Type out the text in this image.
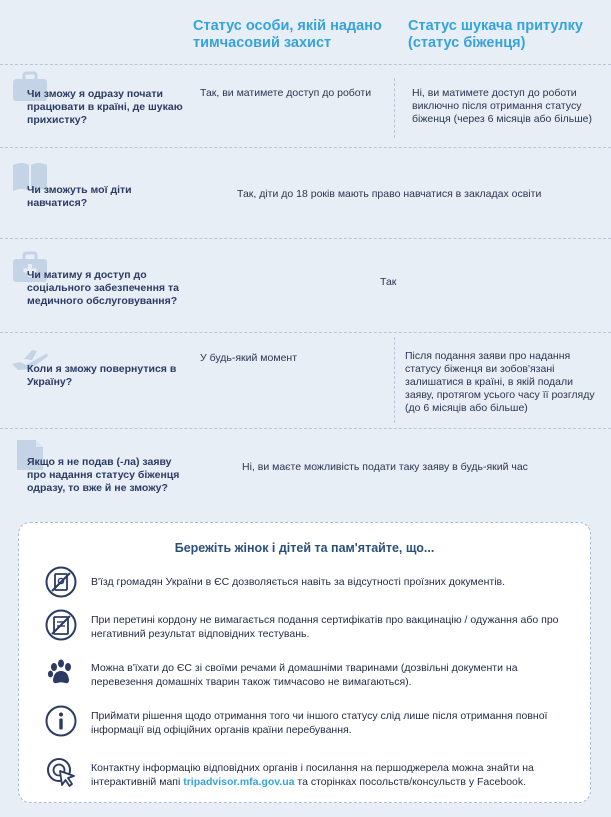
Статус особи, якій надано тимчасовий захист
Статус шукача притулку (статус біженця)
Чи зможу я одразу почати працювати в країні, де шукаю прихистку?
Так, ви матимете доступ до роботи	Ні, ви матимете доступ до роботи виключно після отримання статусу біженця (через 6 місяців або більше)
Чи зможуть мої діти навчатися?
Так, діти до 18 років мають право навчатися в закладах освіти
Чи матиму я доступ до соціального забезпечення та медичного обслуговування?
Так
Коли я зможу повернутися в Україну?
У будь-який момент	Після подання заяви про надання статусу біженця ви зобов'язані залишатися в країні, в якій подали заяву, протягом усього часу її розгляду (до 6 місяців або більше)
Якщо я не подав (-ла) заяву про надання статусу біженця одразу, то вже й не зможу?
Ні, ви маєте можливість подати таку заяву в будь-який час
Бережіть жінок і дітей та пам'ятайте, що...
В'їзд громадян України в ЄС дозволяється навіть за відсутності проїзних документів.
При перетині кордону не вимагається подання сертифікатів про вакцинацію / одужання або про негативний результат відповідних тестувань.
Можна в'їхати до ЄС зі своїми речами й домашніми тваринами (дозвільні документи на перевезення домашніх тварин також тимчасово не вимагаються).
Приймати рішення щодо отримання того чи іншого статусу слід лише після отримання повної інформації від офіційних органів країни перебування.
Контактну інформацію відповідних органів і посилання на першоджерела можна знайти на інтерактивній мапі tripadvisor.mfa.gov.ua та сторінках посольств/консульств у Facebook.
